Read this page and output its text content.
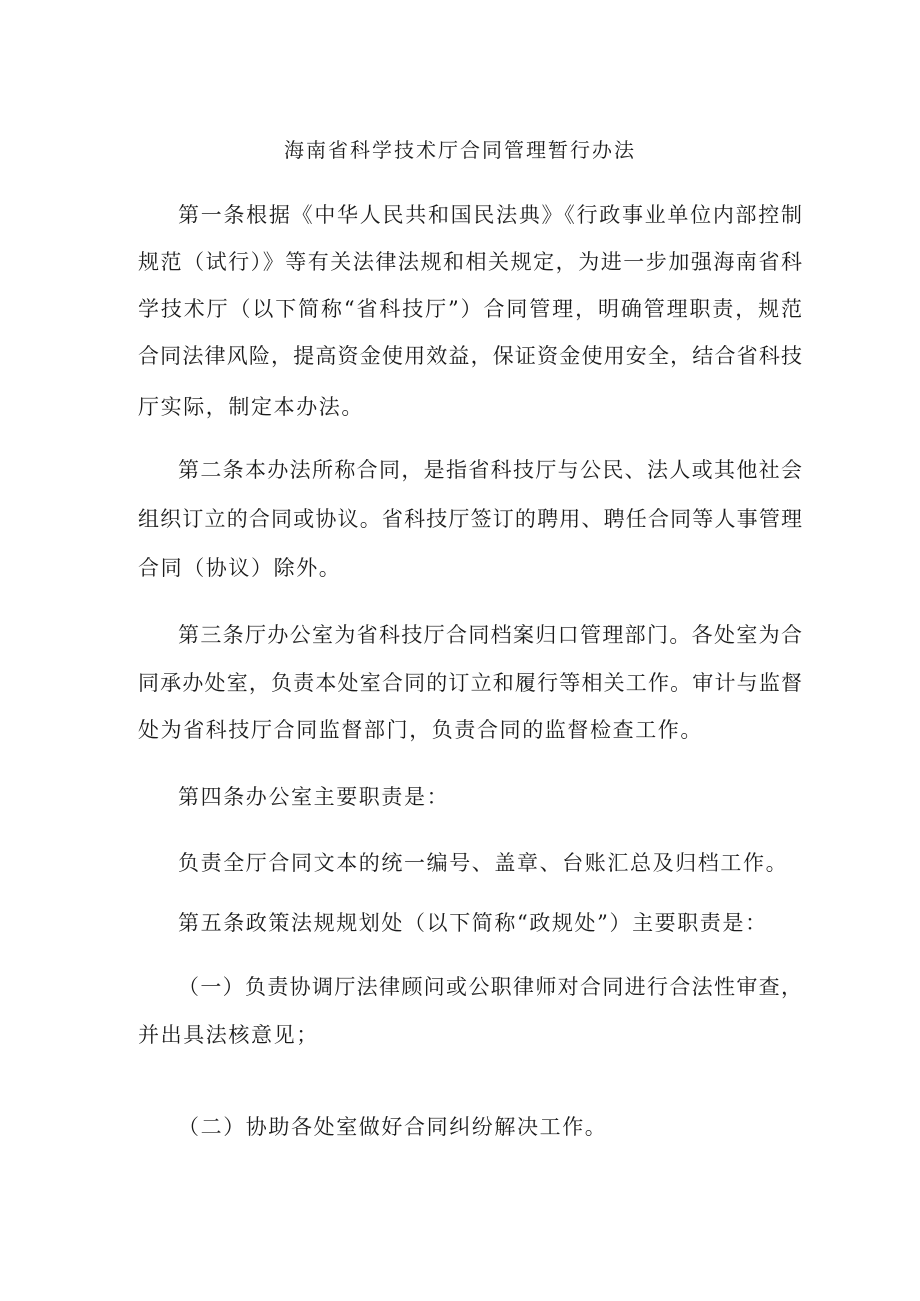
海南省科学技术厅合同管理暂行办法
第一条根据《中华人民共和国民法典》《行政事业单位内部控制
规范（试行）》等有关法律法规和相关规定，为进一步加强海南省科
学技术厅（以下简称“省科技厅”）合同管理，明确管理职责，规范
合同法律风险，提高资金使用效益，保证资金使用安全，结合省科技
厅实际，制定本办法。
第二条本办法所称合同，是指省科技厅与公民、法人或其他社会
组织订立的合同或协议。省科技厅签订的聘用、聘任合同等人事管理
合同（协议）除外。
第三条厅办公室为省科技厅合同档案归口管理部门。各处室为合
同承办处室，负责本处室合同的订立和履行等相关工作。审计与监督
处为省科技厅合同监督部门，负责合同的监督检查工作。
第四条办公室主要职责是：
负责全厅合同文本的统一编号、盖章、台账汇总及归档工作。
第五条政策法规规划处（以下简称“政规处”）主要职责是：
（一）负责协调厅法律顾问或公职律师对合同进行合法性审查，
并出具法核意见；
（二）协助各处室做好合同纠纷解决工作。
